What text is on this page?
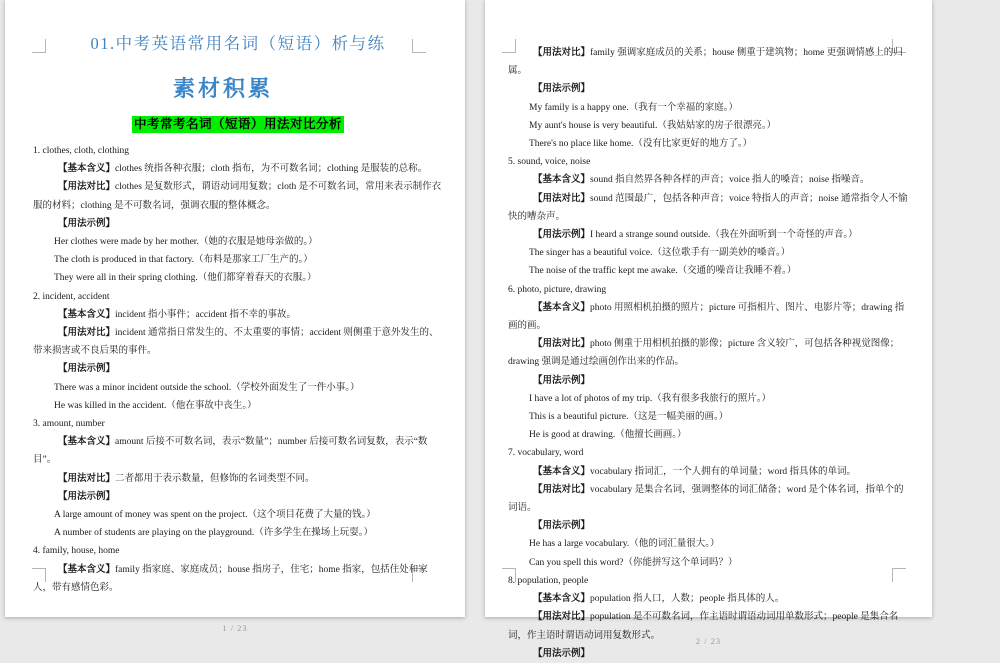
01.中考英语常用名词（短语）析与练
素材积累
中考常考名词（短语）用法对比分析

1. clothes, cloth, clothing

【基本含义】clothes 统指各种衣服；cloth 指布，为不可数名词；clothing 是服装的总称。

【用法对比】clothes 是复数形式，谓语动词用复数；cloth 是不可数名词，常用来表示制作衣服的材料；clothing 是不可数名词，强调衣服的整体概念。

【用法示例】

Her clothes were made by her mother.（她的衣服是她母亲做的。）

The cloth is produced in that factory.（布料是那家工厂生产的。）

They were all in their spring clothing.（他们都穿着春天的衣服。）

2. incident, accident

【基本含义】incident 指小事件；accident 指不幸的事故。

【用法对比】incident 通常指日常发生的、不太重要的事情；accident 则侧重于意外发生的、带来损害或不良后果的事件。

【用法示例】

There was a minor incident outside the school.（学校外面发生了一件小事。）

He was killed in the accident.（他在事故中丧生。）

3. amount, number

【基本含义】amount 后接不可数名词，表示“数量”；number 后接可数名词复数，表示“数目”。

【用法对比】二者都用于表示数量，但修饰的名词类型不同。

【用法示例】

A large amount of money was spent on the project.（这个项目花费了大量的钱。）

A number of students are playing on the playground.（许多学生在操场上玩耍。）

4. family, house, home

【基本含义】family 指家庭、家庭成员；house 指房子，住宅；home 指家，包括住处和家人，带有感情色彩。

1 / 23

【用法对比】family 强调家庭成员的关系；house 侧重于建筑物；home 更强调情感上的归属。

【用法示例】

My family is a happy one.（我有一个幸福的家庭。）

My aunt's house is very beautiful.（我姑姑家的房子很漂亮。）

There's no place like home.（没有比家更好的地方了。）

5. sound, voice, noise

【基本含义】sound 指自然界各种各样的声音；voice 指人的嗓音；noise 指噪音。

【用法对比】sound 范围最广，包括各种声音；voice 特指人的声音；noise 通常指令人不愉快的嘈杂声。

【用法示例】I heard a strange sound outside.（我在外面听到一个奇怪的声音。）

The singer has a beautiful voice.（这位歌手有一副美妙的嗓音。）

The noise of the traffic kept me awake.（交通的噪音让我睡不着。）

6. photo, picture, drawing

【基本含义】photo 用照相机拍摄的照片；picture 可指相片、图片、电影片等；drawing 指画的画。

【用法对比】photo 侧重于用相机拍摄的影像；picture 含义较广，可包括各种视觉图像；drawing 强调是通过绘画创作出来的作品。

【用法示例】

I have a lot of photos of my trip.（我有很多我旅行的照片。）

This is a beautiful picture.（这是一幅美丽的画。）

He is good at drawing.（他擅长画画。）

7. vocabulary, word

【基本含义】vocabulary 指词汇，一个人拥有的单词量；word 指具体的单词。

【用法对比】vocabulary 是集合名词，强调整体的词汇储备；word 是个体名词，指单个的词语。

【用法示例】

He has a large vocabulary.（他的词汇量很大。）

Can you spell this word?（你能拼写这个单词吗？）

8. population, people

【基本含义】population 指人口，人数；people 指具体的人。

【用法对比】population 是不可数名词，作主语时谓语动词用单数形式；people 是集合名词，作主语时谓语动词用复数形式。

【用法示例】

2 / 23
